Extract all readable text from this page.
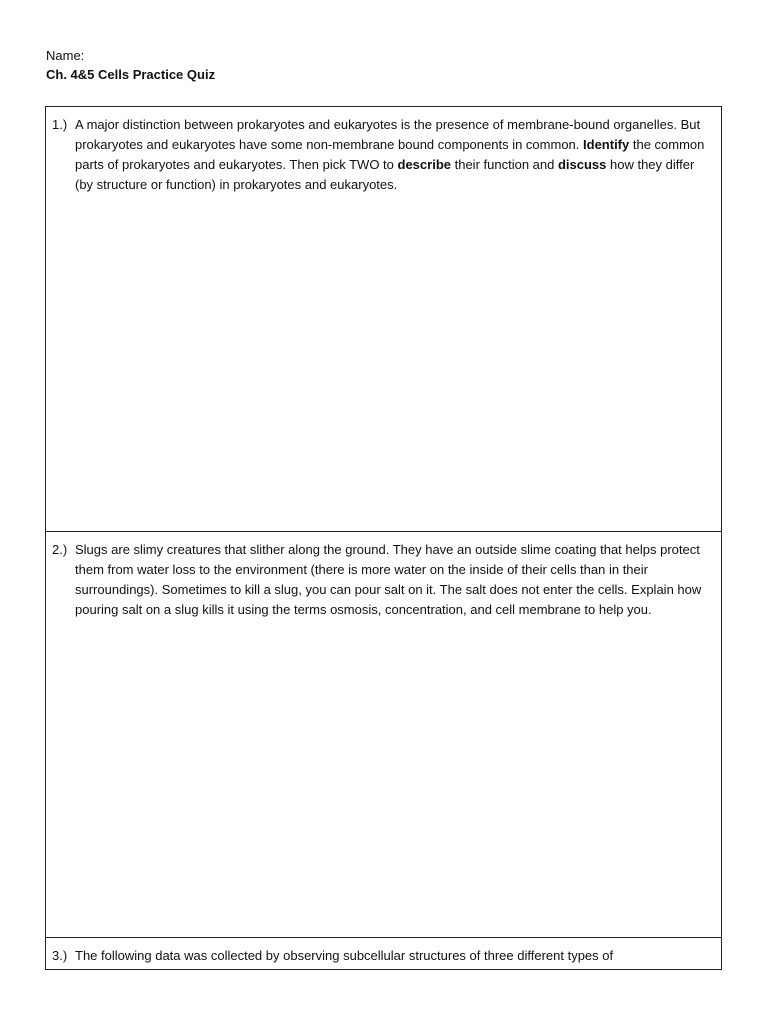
Name:
Ch. 4&5 Cells Practice Quiz
1.) A major distinction between prokaryotes and eukaryotes is the presence of membrane-bound organelles. But prokaryotes and eukaryotes have some non-membrane bound components in common. Identify the common parts of prokaryotes and eukaryotes. Then pick TWO to describe their function and discuss how they differ (by structure or function) in prokaryotes and eukaryotes.
2.) Slugs are slimy creatures that slither along the ground. They have an outside slime coating that helps protect them from water loss to the environment (there is more water on the inside of their cells than in their surroundings). Sometimes to kill a slug, you can pour salt on it. The salt does not enter the cells. Explain how pouring salt on a slug kills it using the terms osmosis, concentration, and cell membrane to help you.
3.) The following data was collected by observing subcellular structures of three different types of
